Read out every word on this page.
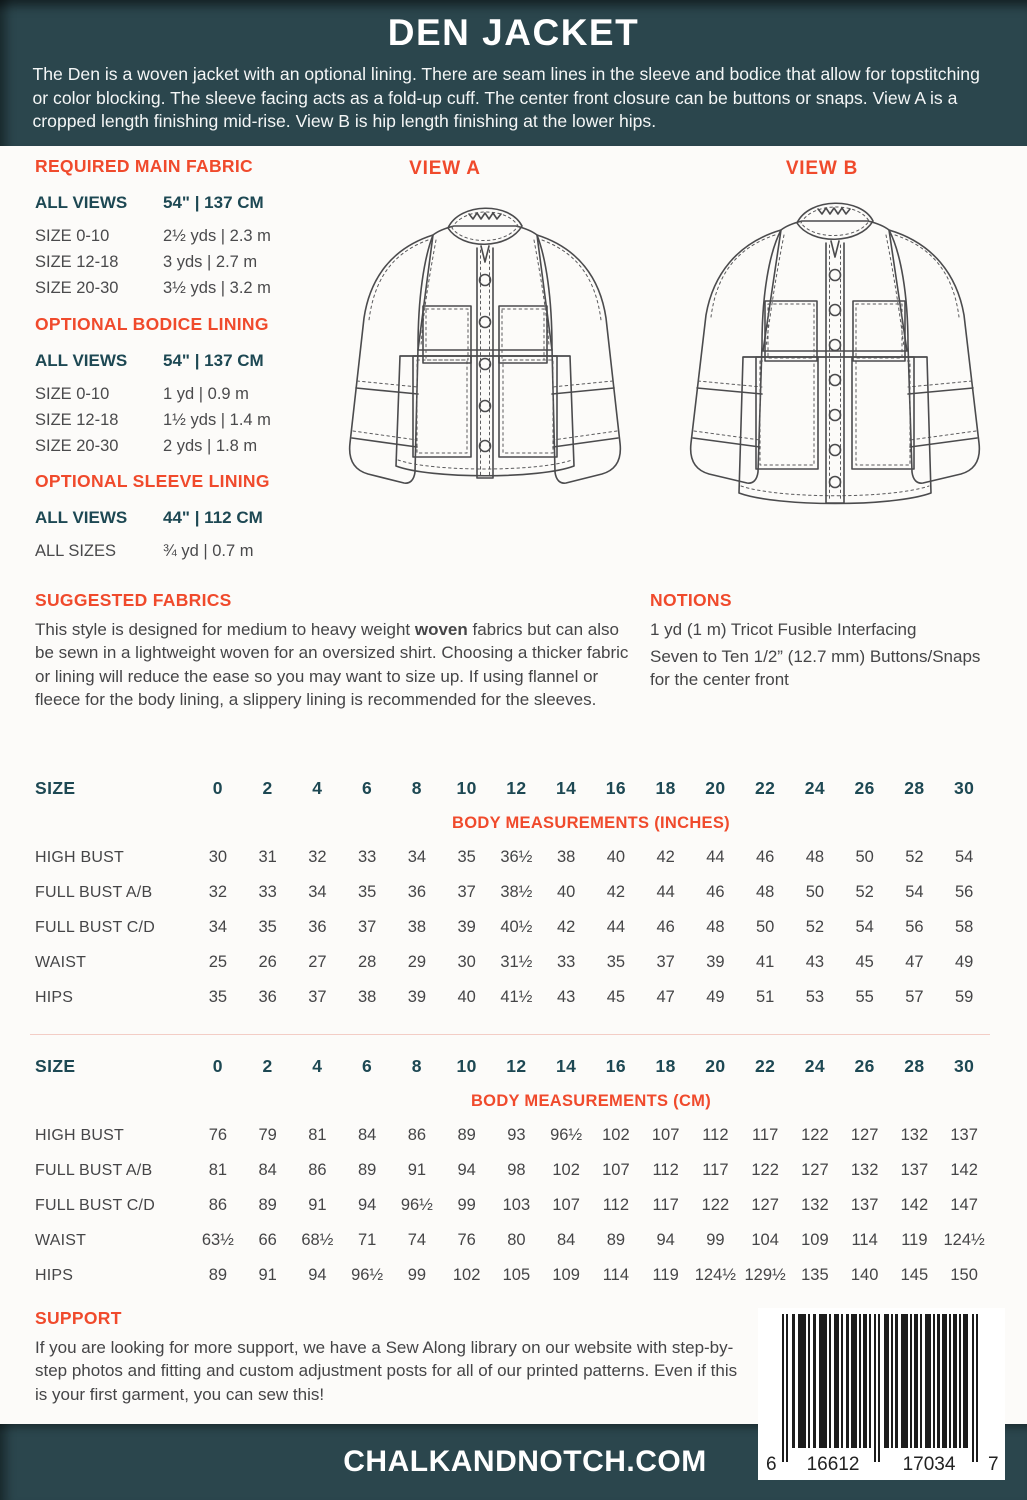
DEN JACKET

The Den is a woven jacket with an optional lining. There are seam lines in the sleeve and bodice that allow for topstitching or color blocking. The sleeve facing acts as a fold-up cuff. The center front closure can be buttons or snaps. View A is a cropped length finishing mid-rise. View B is hip length finishing at the lower hips.

REQUIRED MAIN FABRIC
ALL VIEWS	54" | 137 CM
SIZE 0-10	2½ yds | 2.3 m
SIZE 12-18	3 yds | 2.7 m
SIZE 20-30	3½ yds | 3.2 m
OPTIONAL BODICE LINING
ALL VIEWS	54" | 137 CM
SIZE 0-10	1 yd | 0.9 m
SIZE 12-18	1½ yds | 1.4 m
SIZE 20-30	2 yds | 1.8 m
OPTIONAL SLEEVE LINING
ALL VIEWS	44" | 112 CM
ALL SIZES	¾ yd | 0.7 m
VIEW A	VIEW B
SUGGESTED FABRICS

This style is designed for medium to heavy weight woven fabrics but can also be sewn in a lightweight woven for an oversized shirt. Choosing a thicker fabric or lining will reduce the ease so you may want to size up. If using flannel or fleece for the body lining, a slippery lining is recommended for the sleeves.

NOTIONS

1 yd (1 m) Tricot Fusible Interfacing

Seven to Ten 1/2” (12.7 mm) Buttons/Snaps for the center front

SIZE	0	2	4	6	8	10	12	14	16	18	20	22	24	26	28	30
BODY MEASUREMENTS (INCHES)
HIGH BUST	30	31	32	33	34	35	36½	38	40	42	44	46	48	50	52	54
FULL BUST A/B	32	33	34	35	36	37	38½	40	42	44	46	48	50	52	54	56
FULL BUST C/D	34	35	36	37	38	39	40½	42	44	46	48	50	52	54	56	58
WAIST	25	26	27	28	29	30	31½	33	35	37	39	41	43	45	47	49
HIPS	35	36	37	38	39	40	41½	43	45	47	49	51	53	55	57	59
SIZE	0	2	4	6	8	10	12	14	16	18	20	22	24	26	28	30
BODY MEASUREMENTS (CM)
HIGH BUST	76	79	81	84	86	89	93	96½	102	107	112	117	122	127	132	137
FULL BUST A/B	81	84	86	89	91	94	98	102	107	112	117	122	127	132	137	142
FULL BUST C/D	86	89	91	94	96½	99	103	107	112	117	122	127	132	137	142	147
WAIST	63½	66	68½	71	74	76	80	84	89	94	99	104	109	114	119 124½
HIPS	89	91	94	96½	99	102	105	109	114	119 124½ 129½ 135	140	145	150
SUPPORT

If you are looking for more support, we have a Sew Along library on our website with step-by-step photos and fitting and custom adjustment posts for all of our printed patterns. Even if this is your first garment, you can sew this!

6	16612	17034	7
CHALKANDNOTCH.COM
